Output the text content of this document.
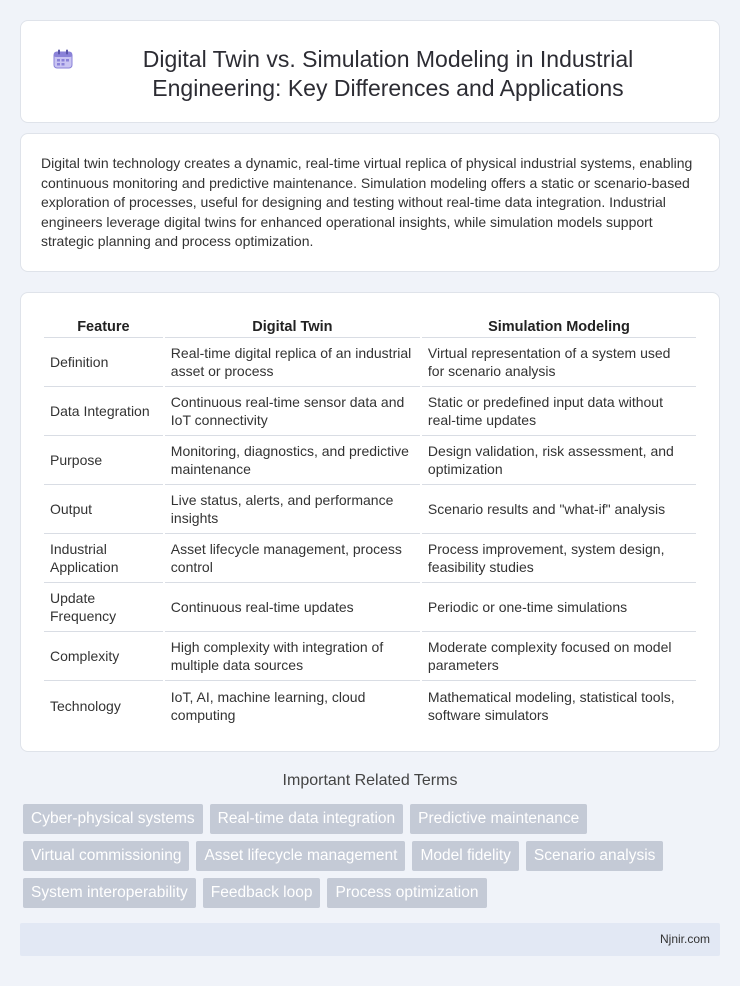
Digital Twin vs. Simulation Modeling in Industrial Engineering: Key Differences and Applications

Digital twin technology creates a dynamic, real-time virtual replica of physical industrial systems, enabling continuous monitoring and predictive maintenance. Simulation modeling offers a static or scenario-based exploration of processes, useful for designing and testing without real-time data integration. Industrial engineers leverage digital twins for enhanced operational insights, while simulation models support strategic planning and process optimization.

Feature	Digital Twin	Simulation Modeling
Definition	Real-time digital replica of an industrial asset or process	Virtual representation of a system used for scenario analysis
Data Integration	Continuous real-time sensor data and IoT connectivity	Static or predefined input data without real-time updates
Purpose	Monitoring, diagnostics, and predictive maintenance	Design validation, risk assessment, and optimization
Output	Live status, alerts, and performance insights	Scenario results and "what-if" analysis
Industrial Application	Asset lifecycle management, process control	Process improvement, system design, feasibility studies
Update Frequency	Continuous real-time updates	Periodic or one-time simulations
Complexity	High complexity with integration of multiple data sources	Moderate complexity focused on model parameters
Technology	IoT, AI, machine learning, cloud computing	Mathematical modeling, statistical tools, software simulators
Important Related Terms
Cyber-physical systems	Real-time data integration	Predictive maintenance
Virtual commissioning	Asset lifecycle management	Model fidelity	Scenario analysis
System interoperability	Feedback loop	Process optimization
Njnir.com
